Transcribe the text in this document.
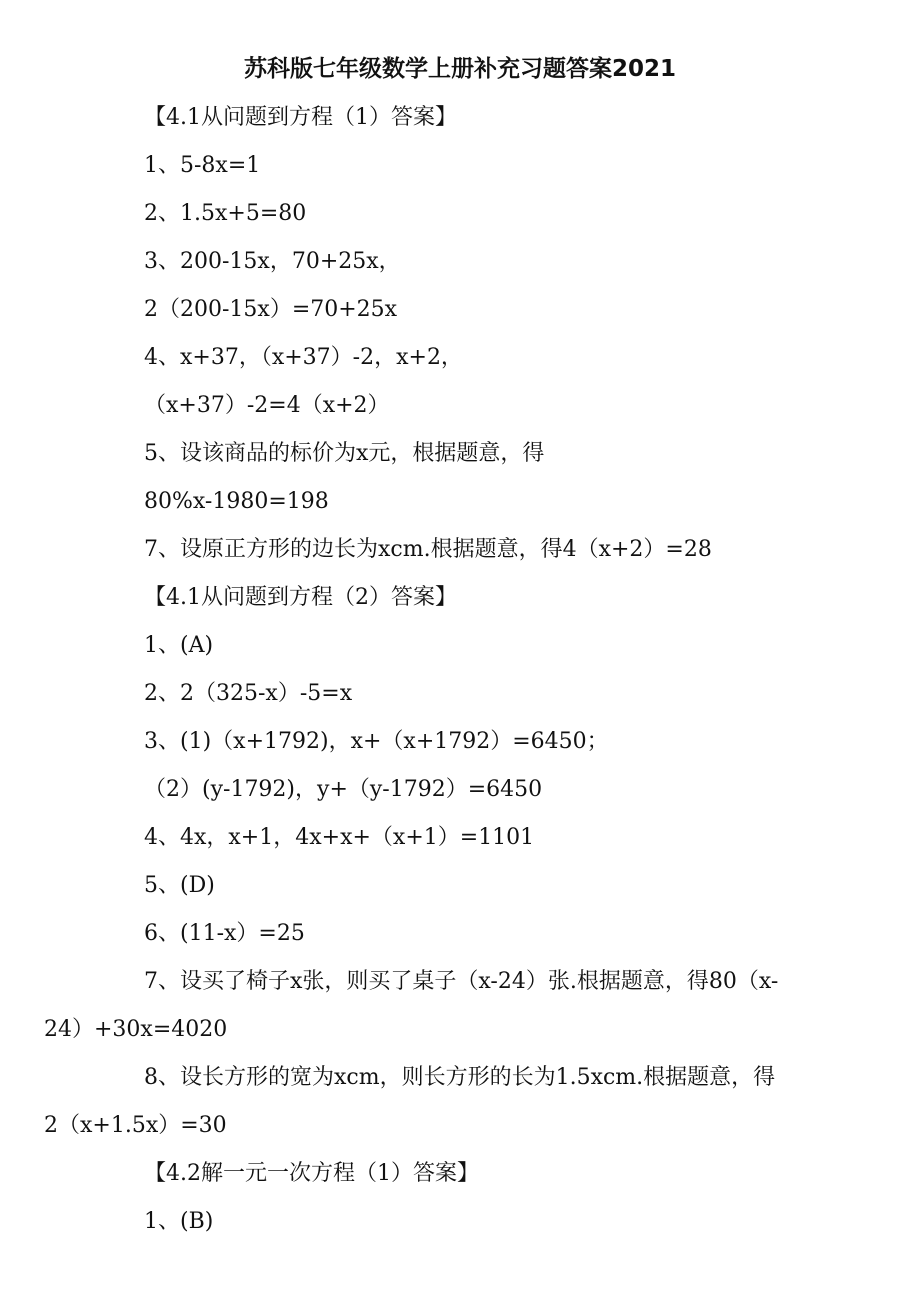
苏科版七年级数学上册补充习题答案2021
【4.1从问题到方程（1）答案】
1、5-8x=1
2、1.5x+5=80
3、200-15x，70+25x，
2（200-15x）=70+25x
4、x+37，（x+37）-2，x+2，
（x+37）-2=4（x+2）
5、设该商品的标价为x元，根据题意，得
80%x-1980=198
7、设原正方形的边长为xcm.根据题意，得4（x+2）=28
【4.1从问题到方程（2）答案】
1、(A)
2、2（325-x）-5=x
3、(1)（x+1792)，x+（x+1792）=6450；
（2）(y-1792)，y+（y-1792）=6450
4、4x，x+1，4x+x+（x+1）=1101
5、(D)
6、(11-x）=25
7、设买了椅子x张，则买了桌子（x-24）张.根据题意，得80（x-
24）+30x=4020
8、设长方形的宽为xcm，则长方形的长为1.5xcm.根据题意，得
2（x+1.5x）=30
【4.2解一元一次方程（1）答案】
1、(B)
